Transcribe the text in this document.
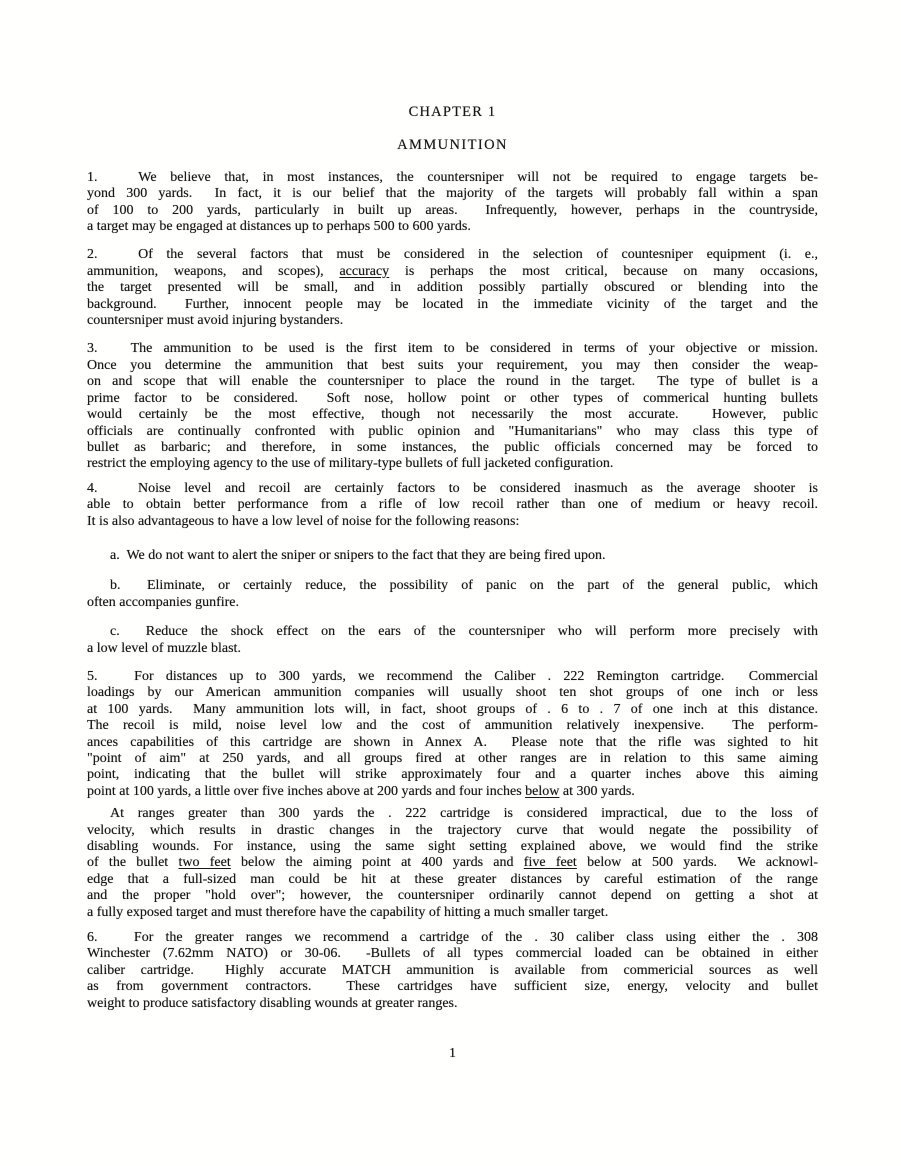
CHAPTER 1
AMMUNITION
1.   We believe that, in most instances, the countersniper will not be required to engage targets be-
yond 300 yards.  In fact, it is our belief that the majority of the targets will probably fall within a span
of 100 to 200 yards, particularly in built up areas.  Infrequently, however, perhaps in the countryside,
a target may be engaged at distances up to perhaps 500 to 600 yards.
2.   Of the several factors that must be considered in the selection of countesniper equipment (i. e.,
ammunition, weapons, and scopes), accuracy is perhaps the most critical, because on many occasions,
the target presented will be small, and in addition possibly partially obscured or blending into the
background.  Further, innocent people may be located in the immediate vicinity of the target and the
countersniper must avoid injuring bystanders.
3.   The ammunition to be used is the first item to be considered in terms of your objective or mission.
Once you determine the ammunition that best suits your requirement, you may then consider the weap-
on and scope that will enable the countersniper to place the round in the target.  The type of bullet is a
prime factor to be considered.  Soft nose, hollow point or other types of commerical hunting bullets
would certainly be the most effective, though not necessarily the most accurate.  However, public
officials are continually confronted with public opinion and "Humanitarians" who may class this type of
bullet as barbaric; and therefore, in some instances, the public officials concerned may be forced to
restrict the employing agency to the use of military-type bullets of full jacketed configuration.
4.   Noise level and recoil are certainly factors to be considered inasmuch as the average shooter is
able to obtain better performance from a rifle of low recoil rather than one of medium or heavy recoil.
It is also advantageous to have a low level of noise for the following reasons:
a.  We do not want to alert the sniper or snipers to the fact that they are being fired upon.
b.  Eliminate, or certainly reduce, the possibility of panic on the part of the general public, which
often accompanies gunfire.
c.  Reduce the shock effect on the ears of the countersniper who will perform more precisely with
a low level of muzzle blast.
5.   For distances up to 300 yards, we recommend the Caliber . 222 Remington cartridge.  Commercial
loadings by our American ammunition companies will usually shoot ten shot groups of one inch or less
at 100 yards.  Many ammunition lots will, in fact, shoot groups of . 6 to . 7 of one inch at this distance.
The recoil is mild, noise level low and the cost of ammunition relatively inexpensive.  The perform-
ances capabilities of this cartridge are shown in Annex A.  Please note that the rifle was sighted to hit
"point of aim" at 250 yards, and all groups fired at other ranges are in relation to this same aiming
point, indicating that the bullet will strike approximately four and a quarter inches above this aiming
point at 100 yards, a little over five inches above at 200 yards and four inches below at 300 yards.
At ranges greater than 300 yards the . 222 cartridge is considered impractical, due to the loss of
velocity, which results in drastic changes in the trajectory curve that would negate the possibility of
disabling wounds. For instance, using the same sight setting explained above, we would find the strike
of the bullet two feet below the aiming point at 400 yards and five feet below at 500 yards.  We acknowl-
edge that a full-sized man could be hit at these greater distances by careful estimation of the range
and the proper "hold over"; however, the countersniper ordinarily cannot depend on getting a shot at
a fully exposed target and must therefore have the capability of hitting a much smaller target.
6.   For the greater ranges we recommend a cartridge of the . 30 caliber class using either the . 308
Winchester (7.62mm NATO) or 30-06.  -Bullets of all types commercial loaded can be obtained in either
caliber cartridge.  Highly accurate MATCH ammunition is available from commericial sources as well
as from government contractors.  These cartridges have sufficient size, energy, velocity and bullet
weight to produce satisfactory disabling wounds at greater ranges.
1
